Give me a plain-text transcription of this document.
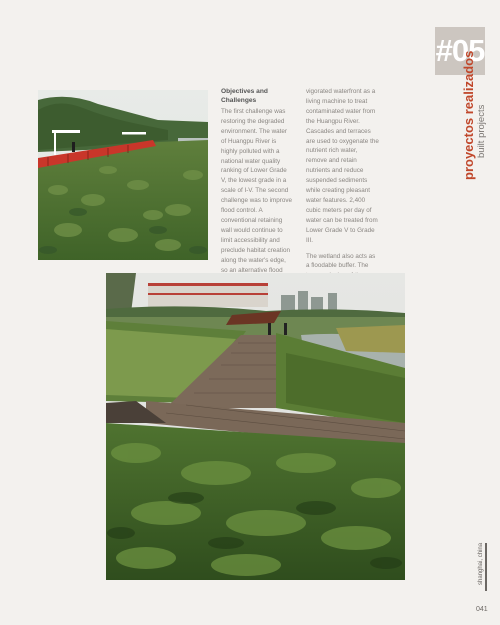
Objectives and Challenges

The first challenge was restoring the degraded environment. The water of Huangpu River is highly polluted with a national water quality ranking of Lower Grade V, the lowest grade in a scale of I-V. The second challenge was to improve flood control. A conventional retaining wall would continue to limit accessibility and preclude habitat creation along the water's edge, so an alternative flood

vigorated waterfront as a living machine to treat contaminated water from the Huangpu River. Cascades and terraces are used to oxygenate the nutrient rich water, remove and retain nutrients and reduce suspended sediments while creating pleasant water features. 2,400 cubic meters per day of water can be treated from Lower Grade V to Grade III.

The wetland also acts as a floodable buffer. The

#05
proyectos realizados built projects
shanghai, china
041
